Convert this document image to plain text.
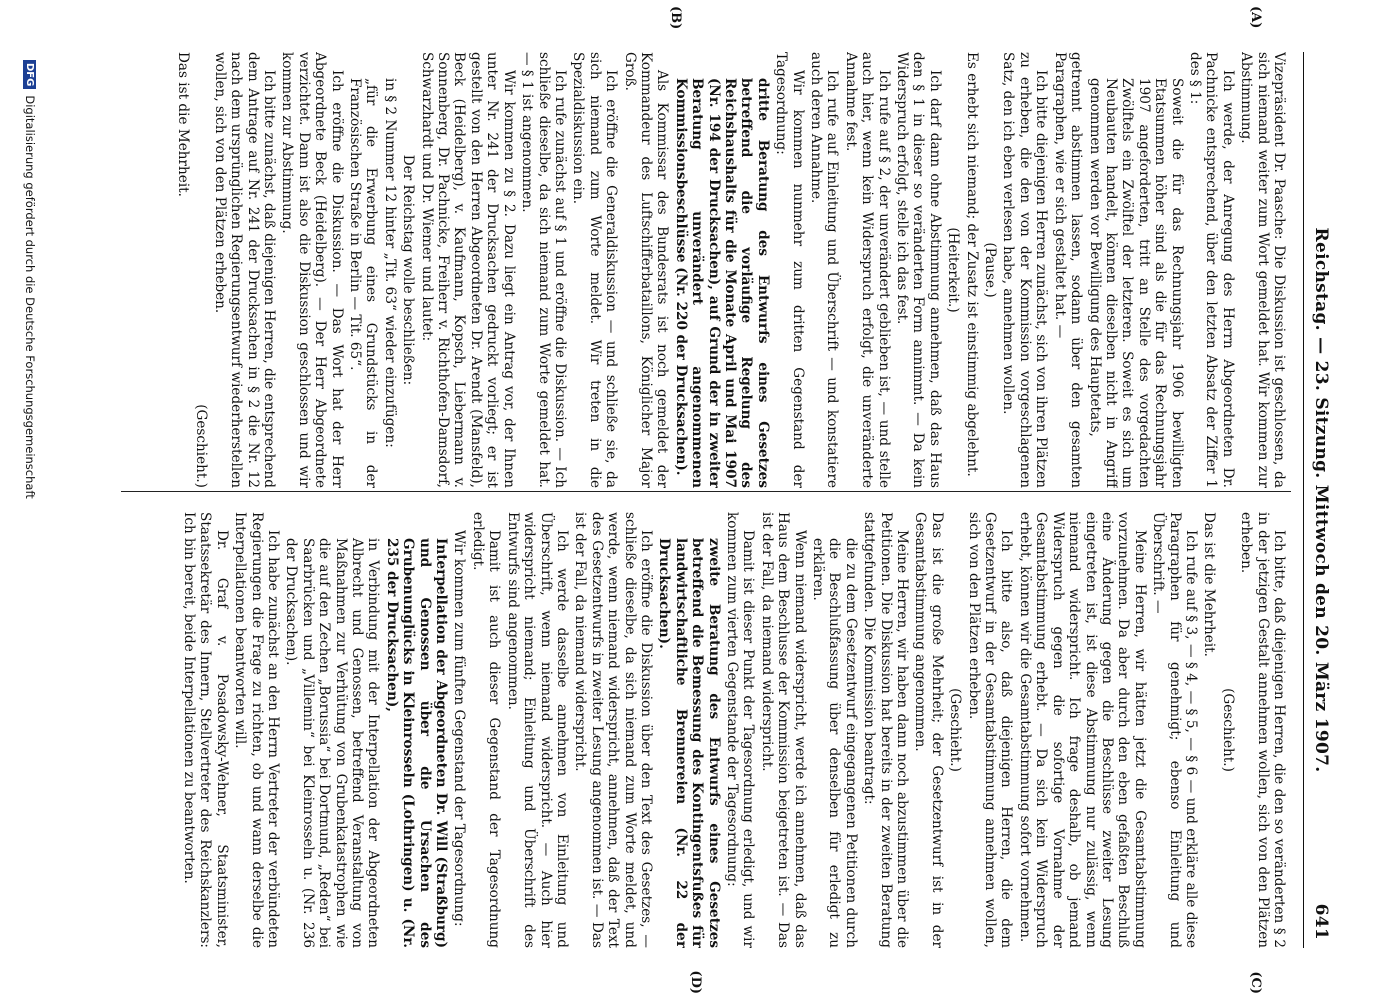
Reichstag. — 23. Sitzung. Mittwoch den 20. März 1907.
641
(A)
(B)
(C)
(D)

Vizepräsident Dr. Paasche: Die Diskussion ist geschlossen, da sich niemand weiter zum Wort gemeldet hat. Wir kommen zur Abstimmung.

Ich werde, der Anregung des Herrn Abgeordneten Dr. Pachnicke entsprechend, über den letzten Absatz der Ziffer 1 des § 1:

Soweit die für das Rechnungsjahr 1906 bewilligten Etatsummen höher sind als die für das Rechnungsjahr 1907 angeforderten, tritt an Stelle des vorgedachten Zwölftels ein Zwölftel der letzteren. Soweit es sich um Neubauten handelt, können dieselben nicht in Angriff genommen werden vor Bewilligung des Hauptetats,

getrennt abstimmen lassen, sodann über den gesamten Paragraphen, wie er sich gestaltet hat. —

Ich bitte diejenigen Herren zunächst, sich von ihren Plätzen zu erheben, die den von der Kommission vorgeschlagenen Satz, den ich eben verlesen habe, annehmen wollen.

(Pause.)

Es erhebt sich niemand; der Zusatz ist einstimmig abgelehnt.

(Heiterkeit.)

Ich darf dann ohne Abstimmung annehmen, daß das Haus den § 1 in dieser so veränderten Form annimmt. — Da kein Widerspruch erfolgt, stelle ich das fest.

Ich rufe auf § 2, der unverändert geblieben ist, — und stelle auch hier, wenn kein Widerspruch erfolgt, die unveränderte Annahme fest.

Ich rufe auf Einleitung und Überschrift — und konstatiere auch deren Annahme.

Wir kommen nunmehr zum dritten Gegenstand der Tagesordnung:

dritte Beratung des Entwurfs eines Gesetzes betreffend die vorläufige Regelung des Reichshaushalts für die Monate April und Mai 1907 (Nr. 194 der Drucksachen), auf Grund der in zweiter Beratung unverändert angenommenen Kommissionsbeschlüsse (Nr. 220 der Drucksachen).

Als Kommissar des Bundesrats ist noch gemeldet der Kommandeur des Luftschifferbataillons, Königlicher Major Groß.

Ich eröffne die Generaldiskussion — und schließe sie, da sich niemand zum Worte meldet. Wir treten in die Spezialdiskussion ein.

Ich rufe zunächst auf § 1 und eröffne die Diskussion. — Ich schließe dieselbe, da sich niemand zum Worte gemeldet hat. — § 1 ist angenommen.

Wir kommen zu § 2. Dazu liegt ein Antrag vor, der Ihnen unter Nr. 241 der Drucksachen gedruckt vorliegt; er ist gestellt von den Herren Abgeordneten Dr. Arendt (Mansfeld), Beck (Heidelberg), v. Kaufmann, Kopsch, Liebermann v. Sonnenberg, Dr. Pachnicke, Freiherr v. Richthofen-Damsdorf, Schwarzhardt und Dr. Wiemer und lautet:

Der Reichstag wolle beschließen:

in § 2 Nummer 12 hinter „Tit. 63“ wieder einzufügen:

„für die Erwerbung eines Grundstücks in der Französischen Straße in Berlin — Tit. 65“.

Ich eröffne die Diskussion. — Das Wort hat der Herr Abgeordnete Beck (Heidelberg). — Der Herr Abgeordnete verzichtet. Dann ist also die Diskussion geschlossen und wir kommen zur Abstimmung.

Ich bitte zunächst, daß diejenigen Herren, die entsprechend dem Antrage auf Nr. 241 der Drucksachen in § 2 die Nr. 12 nach dem ursprünglichen Regierungsentwurf wiederherstellen wollen, sich von den Plätzen erheben.

(Geschieht.)

Das ist die Mehrheit.

Ich bitte, daß diejenigen Herren, die den so veränderten § 2 in der jetzigen Gestalt annehmen wollen, sich von den Plätzen erheben.

(Geschieht.)

Das ist die Mehrheit.

Ich rufe auf § 3, — § 4, — § 5, — § 6 — und erkläre alle diese Paragraphen für genehmigt; ebenso Einleitung und Überschrift. —

Meine Herren, wir hätten jetzt die Gesamtabstimmung vorzunehmen. Da aber durch den eben gefaßten Beschluß eine Änderung gegen die Beschlüsse zweiter Lesung eingetreten ist, ist diese Abstimmung nur zulässig, wenn niemand widerspricht. Ich frage deshalb, ob jemand Widerspruch gegen die sofortige Vornahme der Gesamtabstimmung erhebt. — Da sich kein Widerspruch erhebt, können wir die Gesamtabstimmung sofort vornehmen.

Ich bitte also, daß diejenigen Herren, die dem Gesetzentwurf in der Gesamtabstimmung annehmen wollen, sich von den Plätzen erheben.

(Geschieht.)

Das ist die große Mehrheit; der Gesetzentwurf ist in der Gesamtabstimmung angenommen.

Meine Herren, wir haben dann noch abzustimmen über die Petitionen. Die Diskussion hat bereits in der zweiten Beratung stattgefunden. Die Kommission beantragt:

die zu dem Gesetzentwurf eingegangenen Petitionen durch die Beschlußfassung über denselben für erledigt zu erklären.

Wenn niemand widerspricht, werde ich annehmen, daß das Haus dem Beschlusse der Kommission beigetreten ist. — Das ist der Fall, da niemand widerspricht.

Damit ist dieser Punkt der Tagesordnung erledigt, und wir kommen zum vierten Gegenstande der Tagesordnung:

zweite Beratung des Entwurfs eines Gesetzes betreffend die Bemessung des Kontingentsfußes für landwirtschaftliche Brennereien (Nr. 22 der Drucksachen).

Ich eröffne die Diskussion über den Text des Gesetzes, — schließe dieselbe, da sich niemand zum Worte meldet, und werde, wenn niemand widerspricht, annehmen, daß der Text des Gesetzentwurfs in zweiter Lesung angenommen ist. — Das ist der Fall, da niemand widerspricht.

Ich werde dasselbe annehmen von Einleitung und Überschrift, wenn niemand widerspricht. — Auch hier widerspricht niemand; Einleitung und Überschrift des Entwurfs sind angenommen.

Damit ist auch dieser Gegenstand der Tagesordnung erledigt.

Wir kommen zum fünften Gegenstand der Tagesordnung:

Interpellation der Abgeordneten Dr. Will (Straßburg) und Genossen über die Ursachen des Grubenunglücks in Kleinrosseln (Lothringen) u. (Nr. 235 der Drucksachen),

in Verbindung mit der Interpellation der Abgeordneten Albrecht und Genossen, betreffend Veranstaltung von Maßnahmen zur Verhütung von Grubenkatastrophen wie die auf den Zechen „Borussia“ bei Dortmund, „Reden“ bei Saarbrücken und „Villemin“ bei Kleinrosseln u. (Nr. 236 der Drucksachen).

Ich habe zunächst an den Herrn Vertreter der verbündeten Regierungen die Frage zu richten, ob und wann derselbe die Interpellationen beantworten will.

Dr. Graf v. Posadowsky-Wehner, Staatsminister, Staatssekretär des Innern, Stellvertreter des Reichskanzlers: Ich bin bereit, beide Interpellationen zu beantworten.

DFGDigitalisierung gefördert durch die Deutsche Forschungsgemeinschaft
